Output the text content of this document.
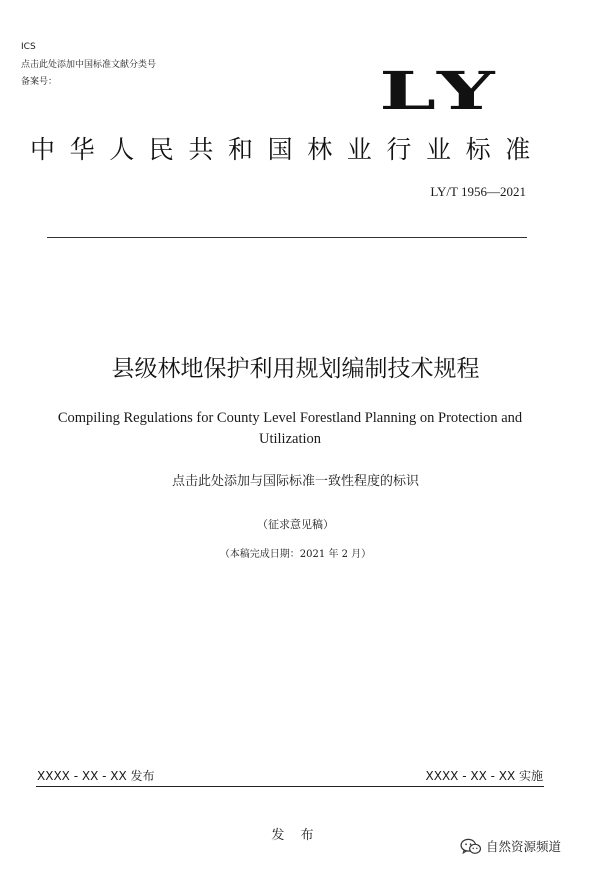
ICS
点击此处添加中国标准文献分类号
备案号：	LY
中华人民共和国林业行业标准
LY/T 1956—2021
县级林地保护利用规划编制技术规程
Compiling Regulations for County Level Forestland Planning on Protection and Utilization
点击此处添加与国际标准一致性程度的标识
（征求意见稿）
（本稿完成日期：2021 年 2 月）
XXXX - XX - XX 发布	XXXX - XX - XX 实施
发 布
自然资源频道
